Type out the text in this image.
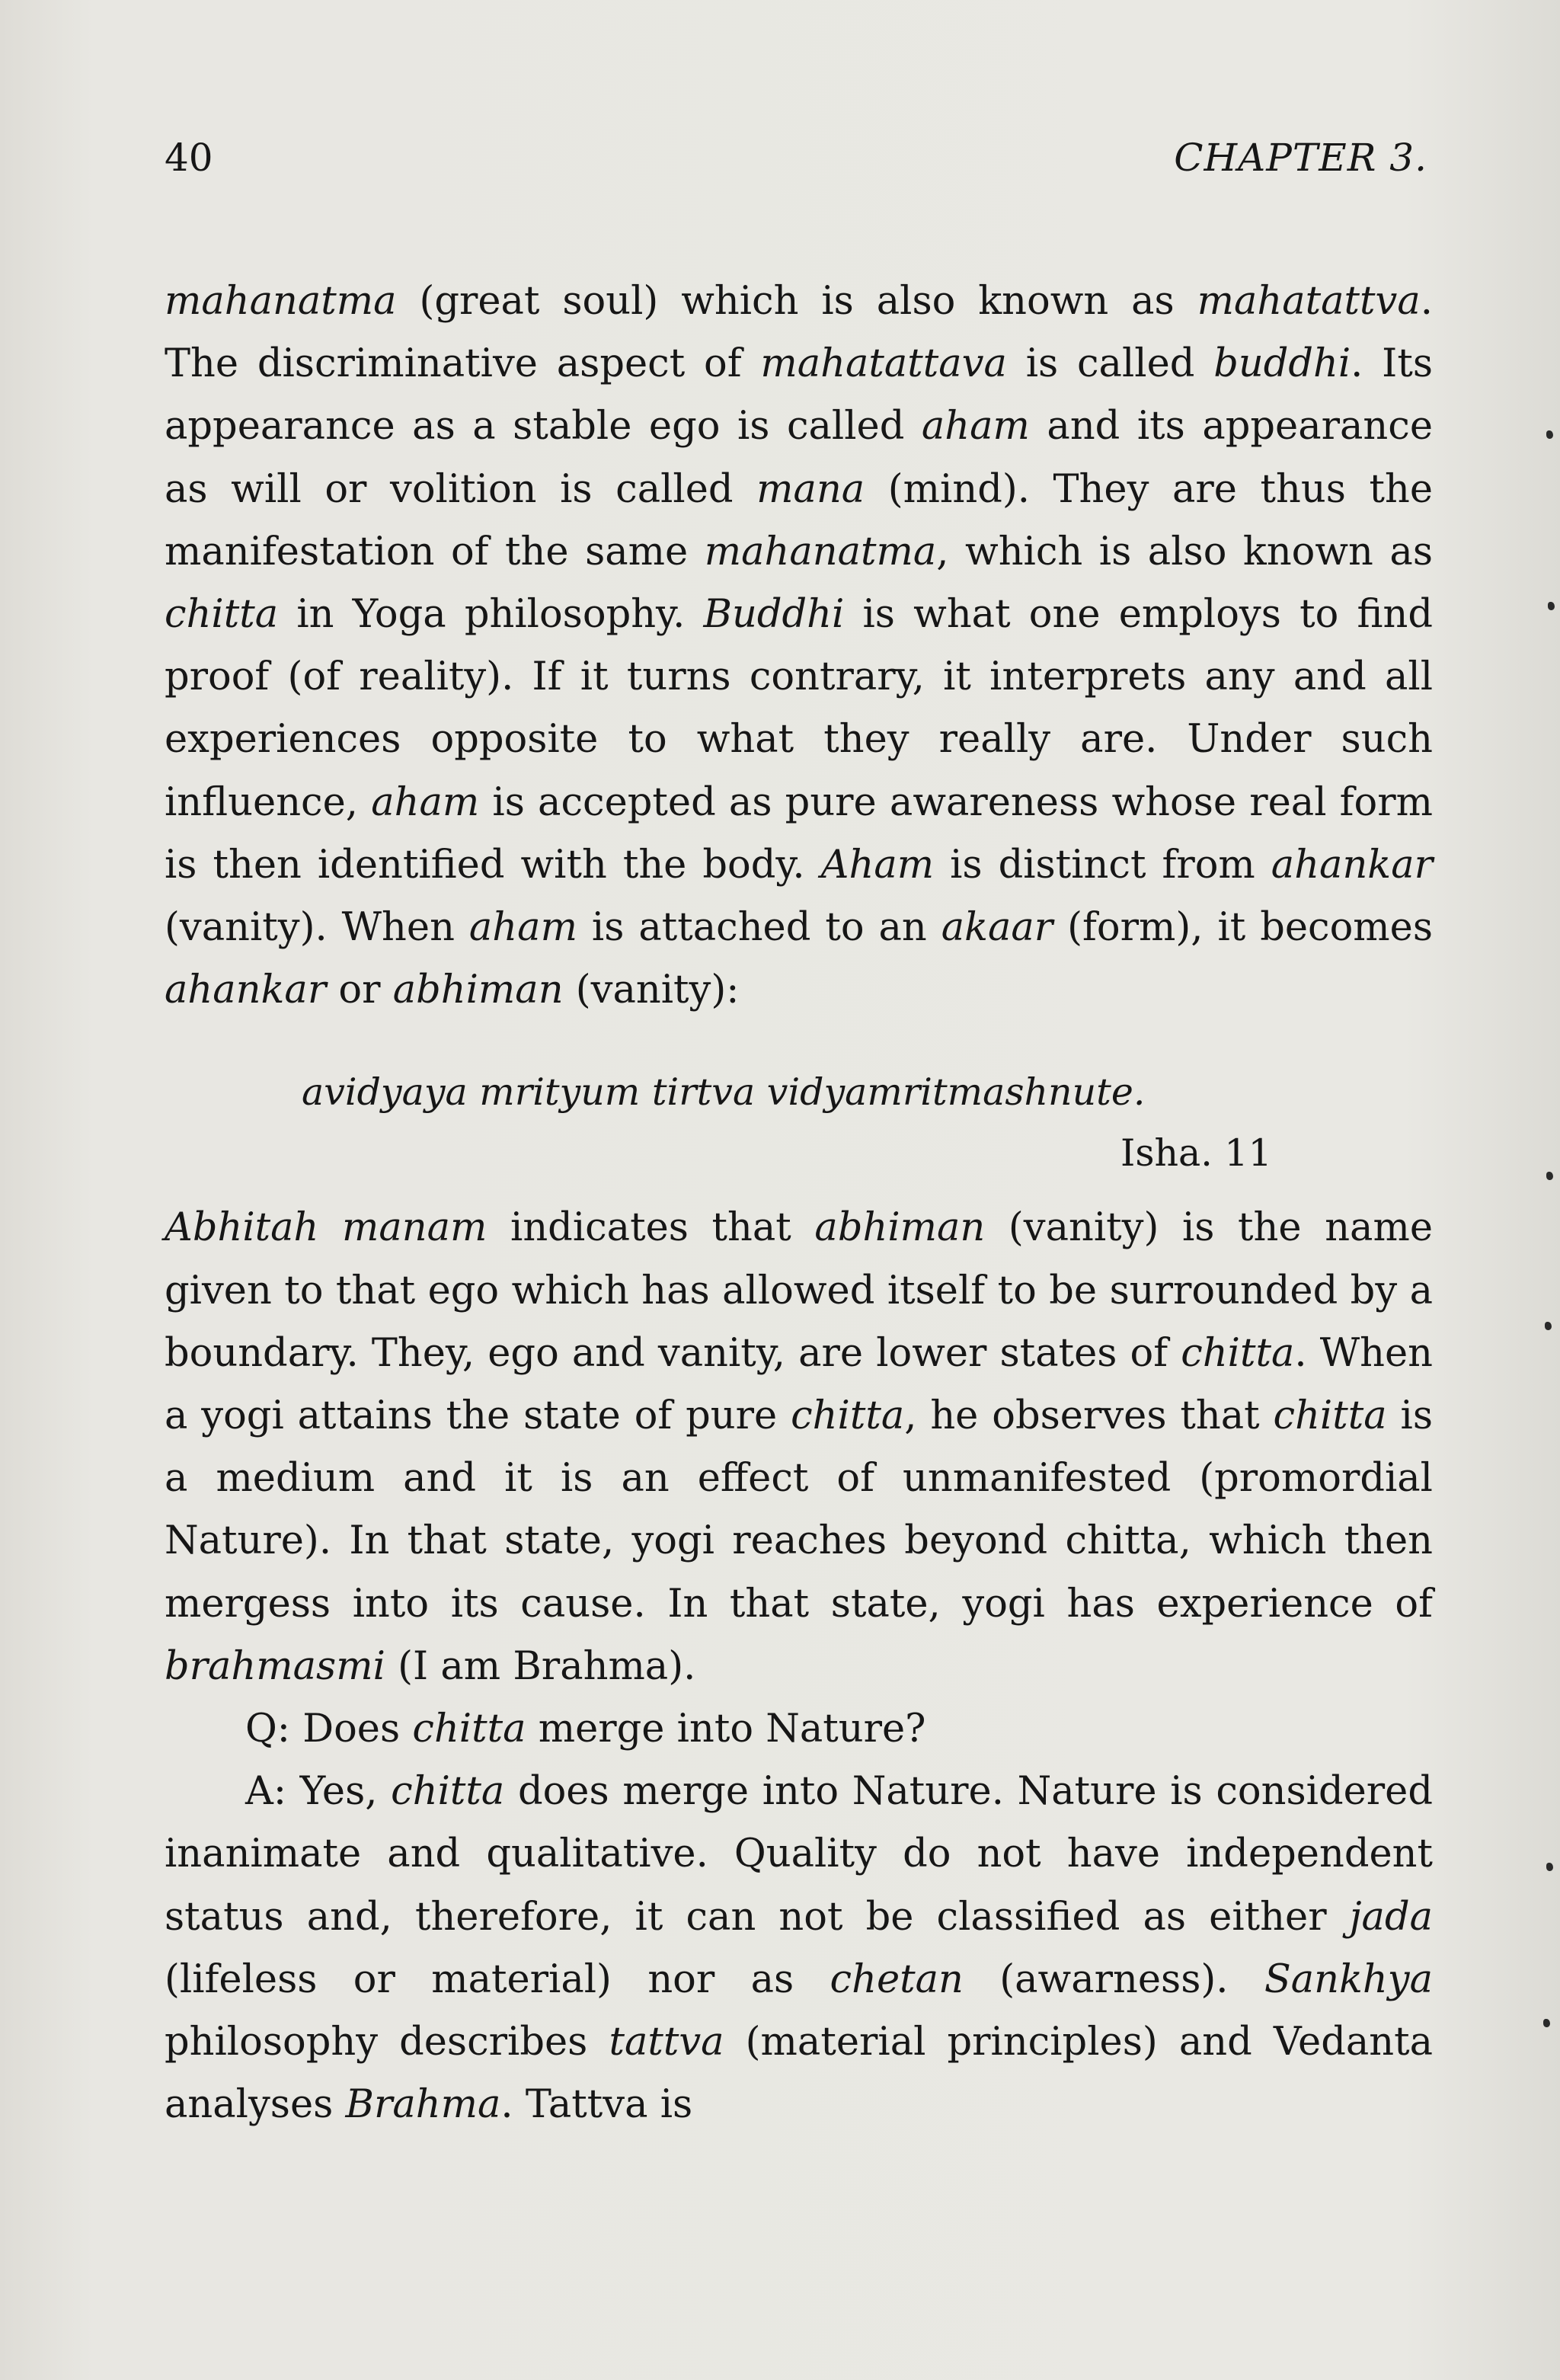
40	CHAPTER 3.

mahanatma (great soul) which is also known as mahatattva. The discriminative aspect of mahatattava is called buddhi. Its appearance as a stable ego is called aham and its appearance as will or volition is called mana (mind). They are thus the manifestation of the same mahanatma, which is also known as chitta in Yoga philosophy. Buddhi is what one employs to find proof (of reality). If it turns contrary, it interprets any and all experiences opposite to what they really are. Under such influence, aham is accepted as pure awareness whose real form is then identified with the body. Aham is distinct from ahankar (vanity). When aham is attached to an akaar (form), it becomes ahankar or abhiman (vanity):

avidyaya mrityum tirtva vidyamritmashnute.
Isha. 11

Abhitah manam indicates that abhiman (vanity) is the name given to that ego which has allowed itself to be surrounded by a boundary. They, ego and vanity, are lower states of chitta. When a yogi attains the state of pure chitta, he observes that chitta is a medium and it is an effect of unmanifested (promordial Nature). In that state, yogi reaches beyond chitta, which then mergess into its cause. In that state, yogi has experience of brahmasmi (I am Brahma).

Q: Does chitta merge into Nature?

A: Yes, chitta does merge into Nature. Nature is considered inanimate and qualitative. Quality do not have independent status and, therefore, it can not be classified as either jada (lifeless or material) nor as chetan (awarness). Sankhya philosophy describes tattva (material principles) and Vedanta analyses Brahma. Tattva is
